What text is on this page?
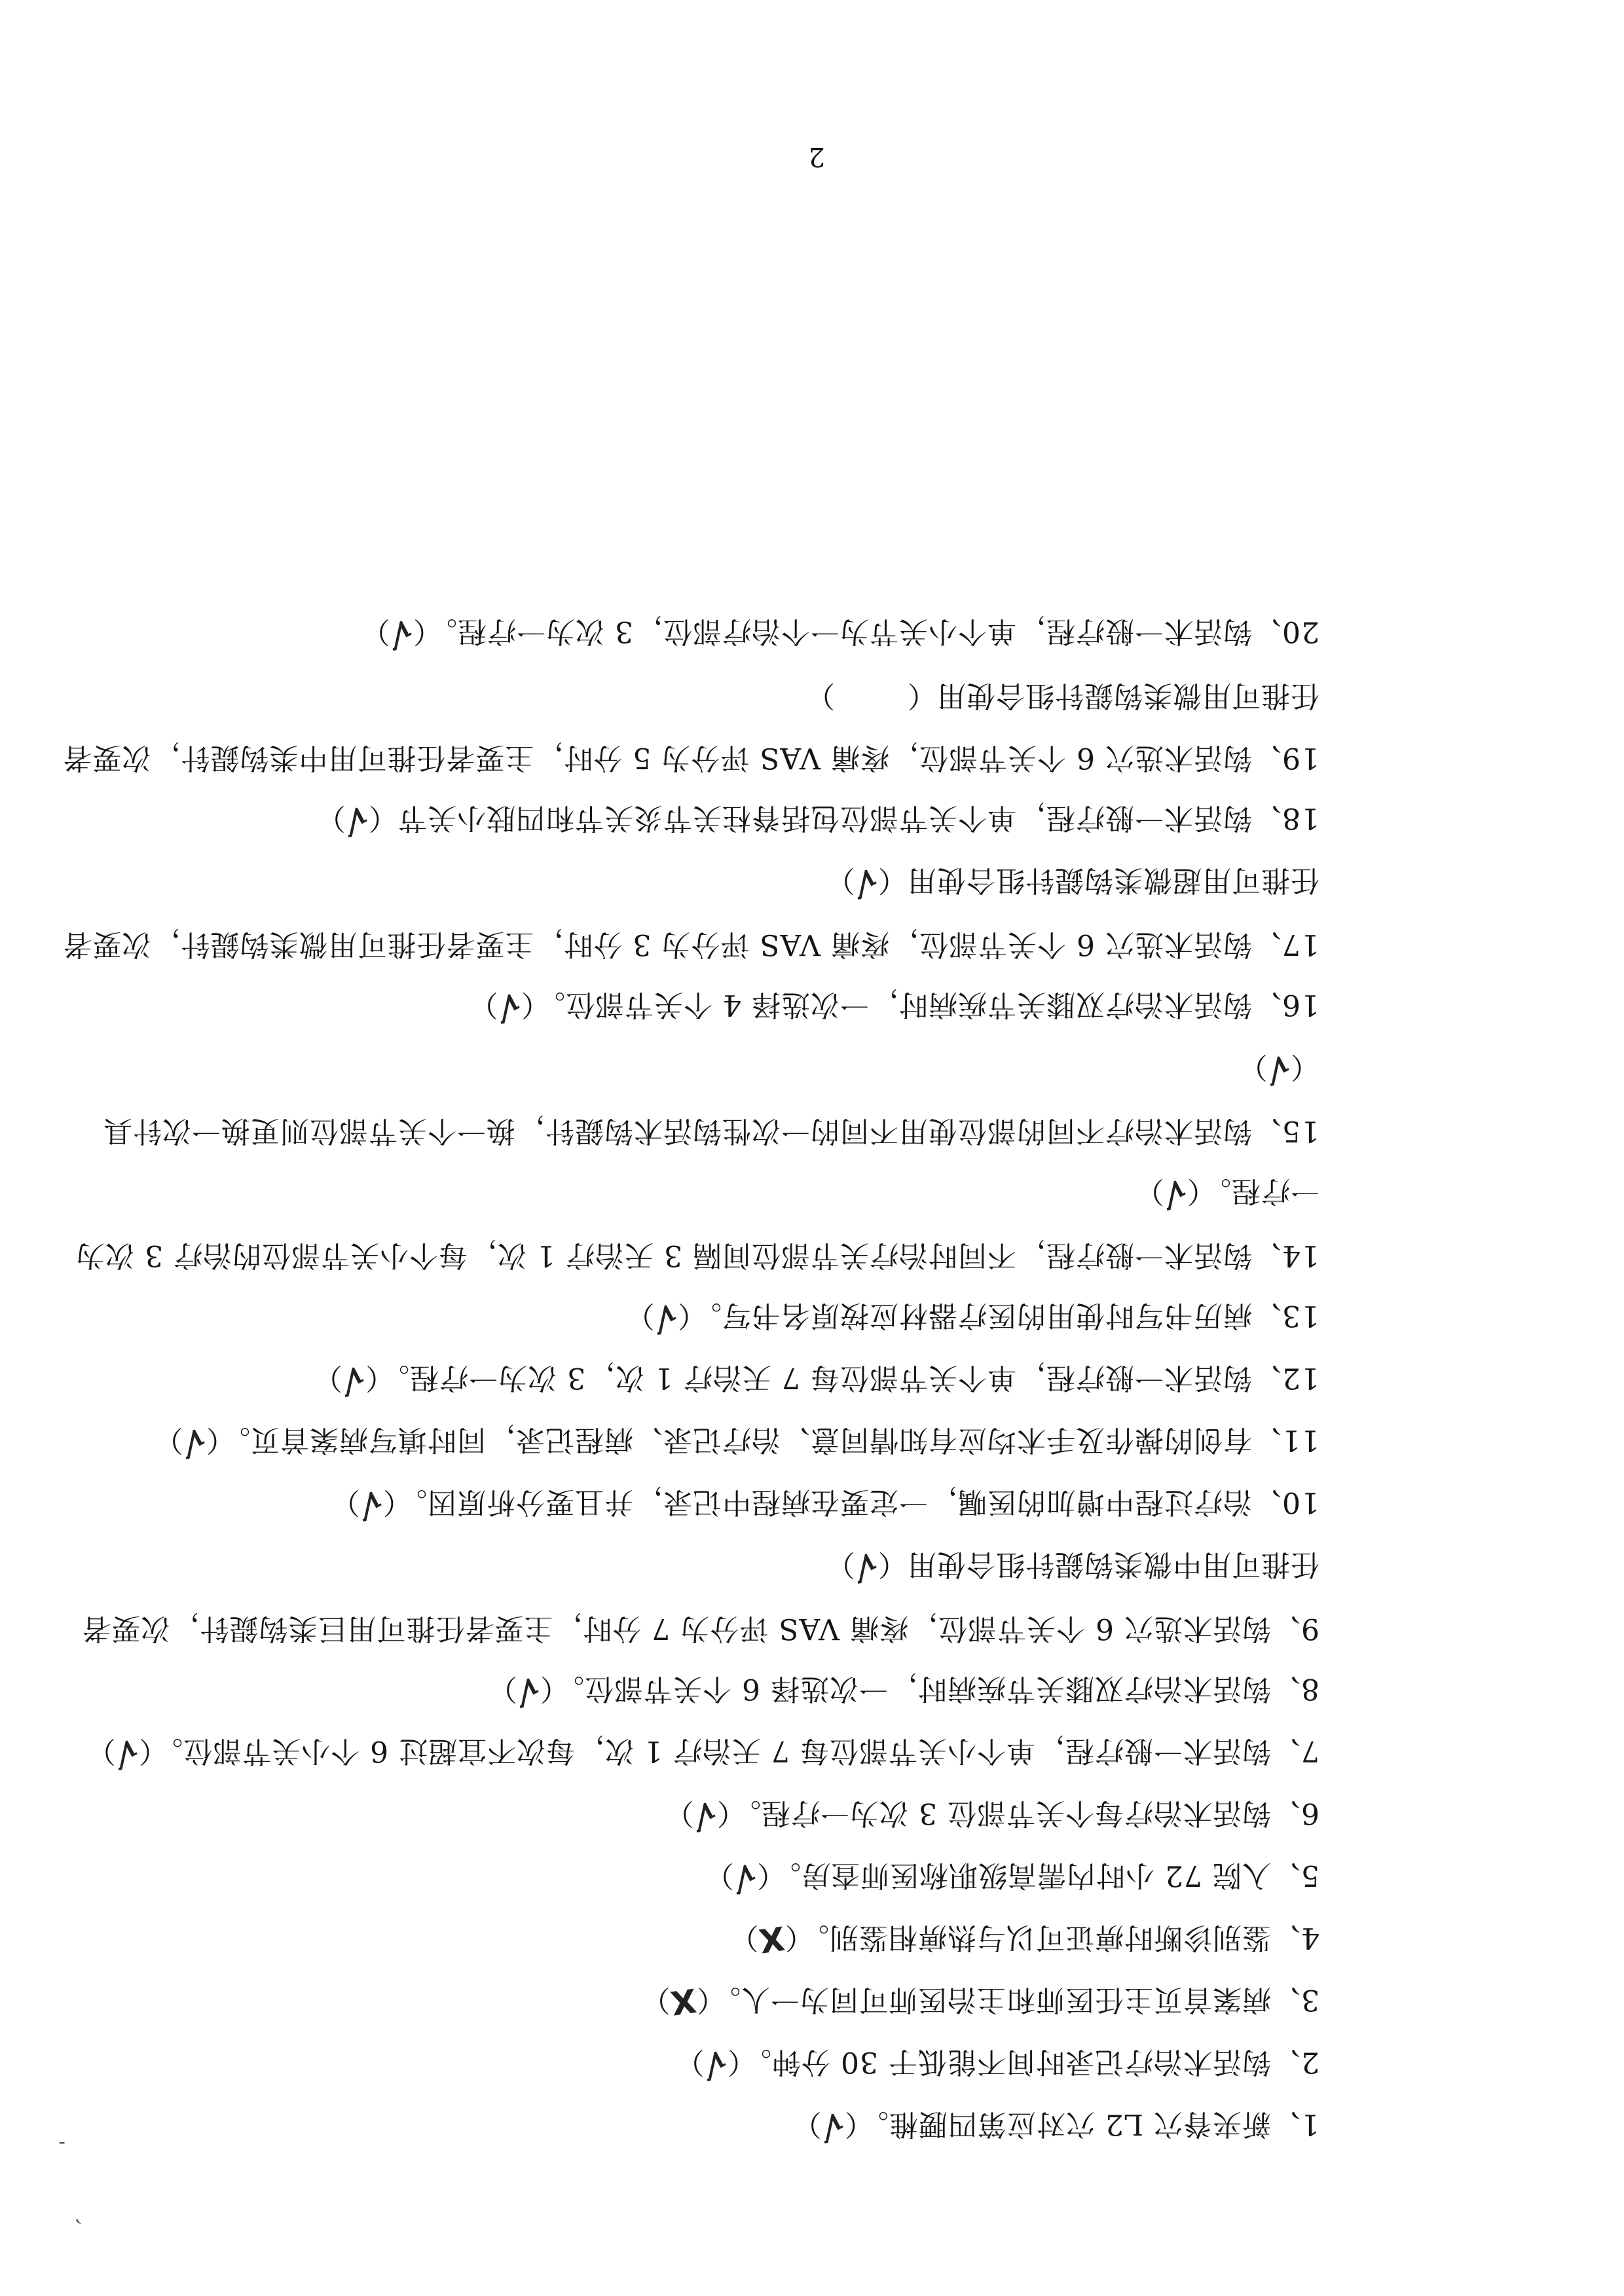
1、新夹脊穴 L2 穴对应第四腰椎。（√）
2、钩活术治疗记录时间不能低于 30 分钟。（√）
3、病案首页主任医师和主治医师可同为一人。（X）
4、鉴别诊断时痹证可以与热痹相鉴别。（X）
5、入院 72 小时内需高级职称医师查房。（√）
6、钩活术治疗每个关节部位 3 次为一疗程。（√）
7、钩活术一般疗程，单个小关节部位每 7 天治疗 1 次，每次不宜超过 6 个小关节部位。（√）
8、钩活术治疗双膝关节疾病时，一次选择 6 个关节部位。（√）
9、钩活术选穴 6 个关节部位，疼痛 VAS 评分为 7 分时，主要者任推可用巨类钩鍉针，次要者
任推可用中微类钩鍉针组合使用（√）
10、治疗过程中增加的医嘱，一定要在病程中记录，并且要分析原因。（√）
11、有创的操作及手术均应有知情同意、治疗记录、病程记录，同时填写病案首页。（√）
12、钩活术一般疗程，单个关节部位每 7 天治疗 1 次，3 次为一疗程。（√）
13、病历书写时使用的医疗器材应按原名书写。（√）
14、钩活术一般疗程，不同时治疗关节部位间隔 3 天治疗 1 次，每个小关节部位的治疗 3 次为
一疗程。（√）
15、钩活术治疗不同的部位使用不同的一次性钩活术钩鍉针，换一个关节部位则更换一次针具
（√）
16、钩活术治疗双膝关节疾病时，一次选择 4 个关节部位。（√）
17、钩活术选穴 6 个关节部位，疼痛 VAS 评分为 3 分时，主要者任推可用微类钩鍉针，次要者
任推可用超微类钩鍉针组合使用（√）
18、钩活术一般疗程，单个关节部位包括脊柱关节炎关节和四肢小关节（√）
19、钩活术选穴 6 个关节部位，疼痛 VAS 评分为 5 分时，主要者任推可用中类钩鍉针，次要者
任推可用微类钩鍉针组合使用（）
20、钩活术一般疗程，单个小关节为一个治疗部位，3 次为一疗程。（√）
2
、
-
